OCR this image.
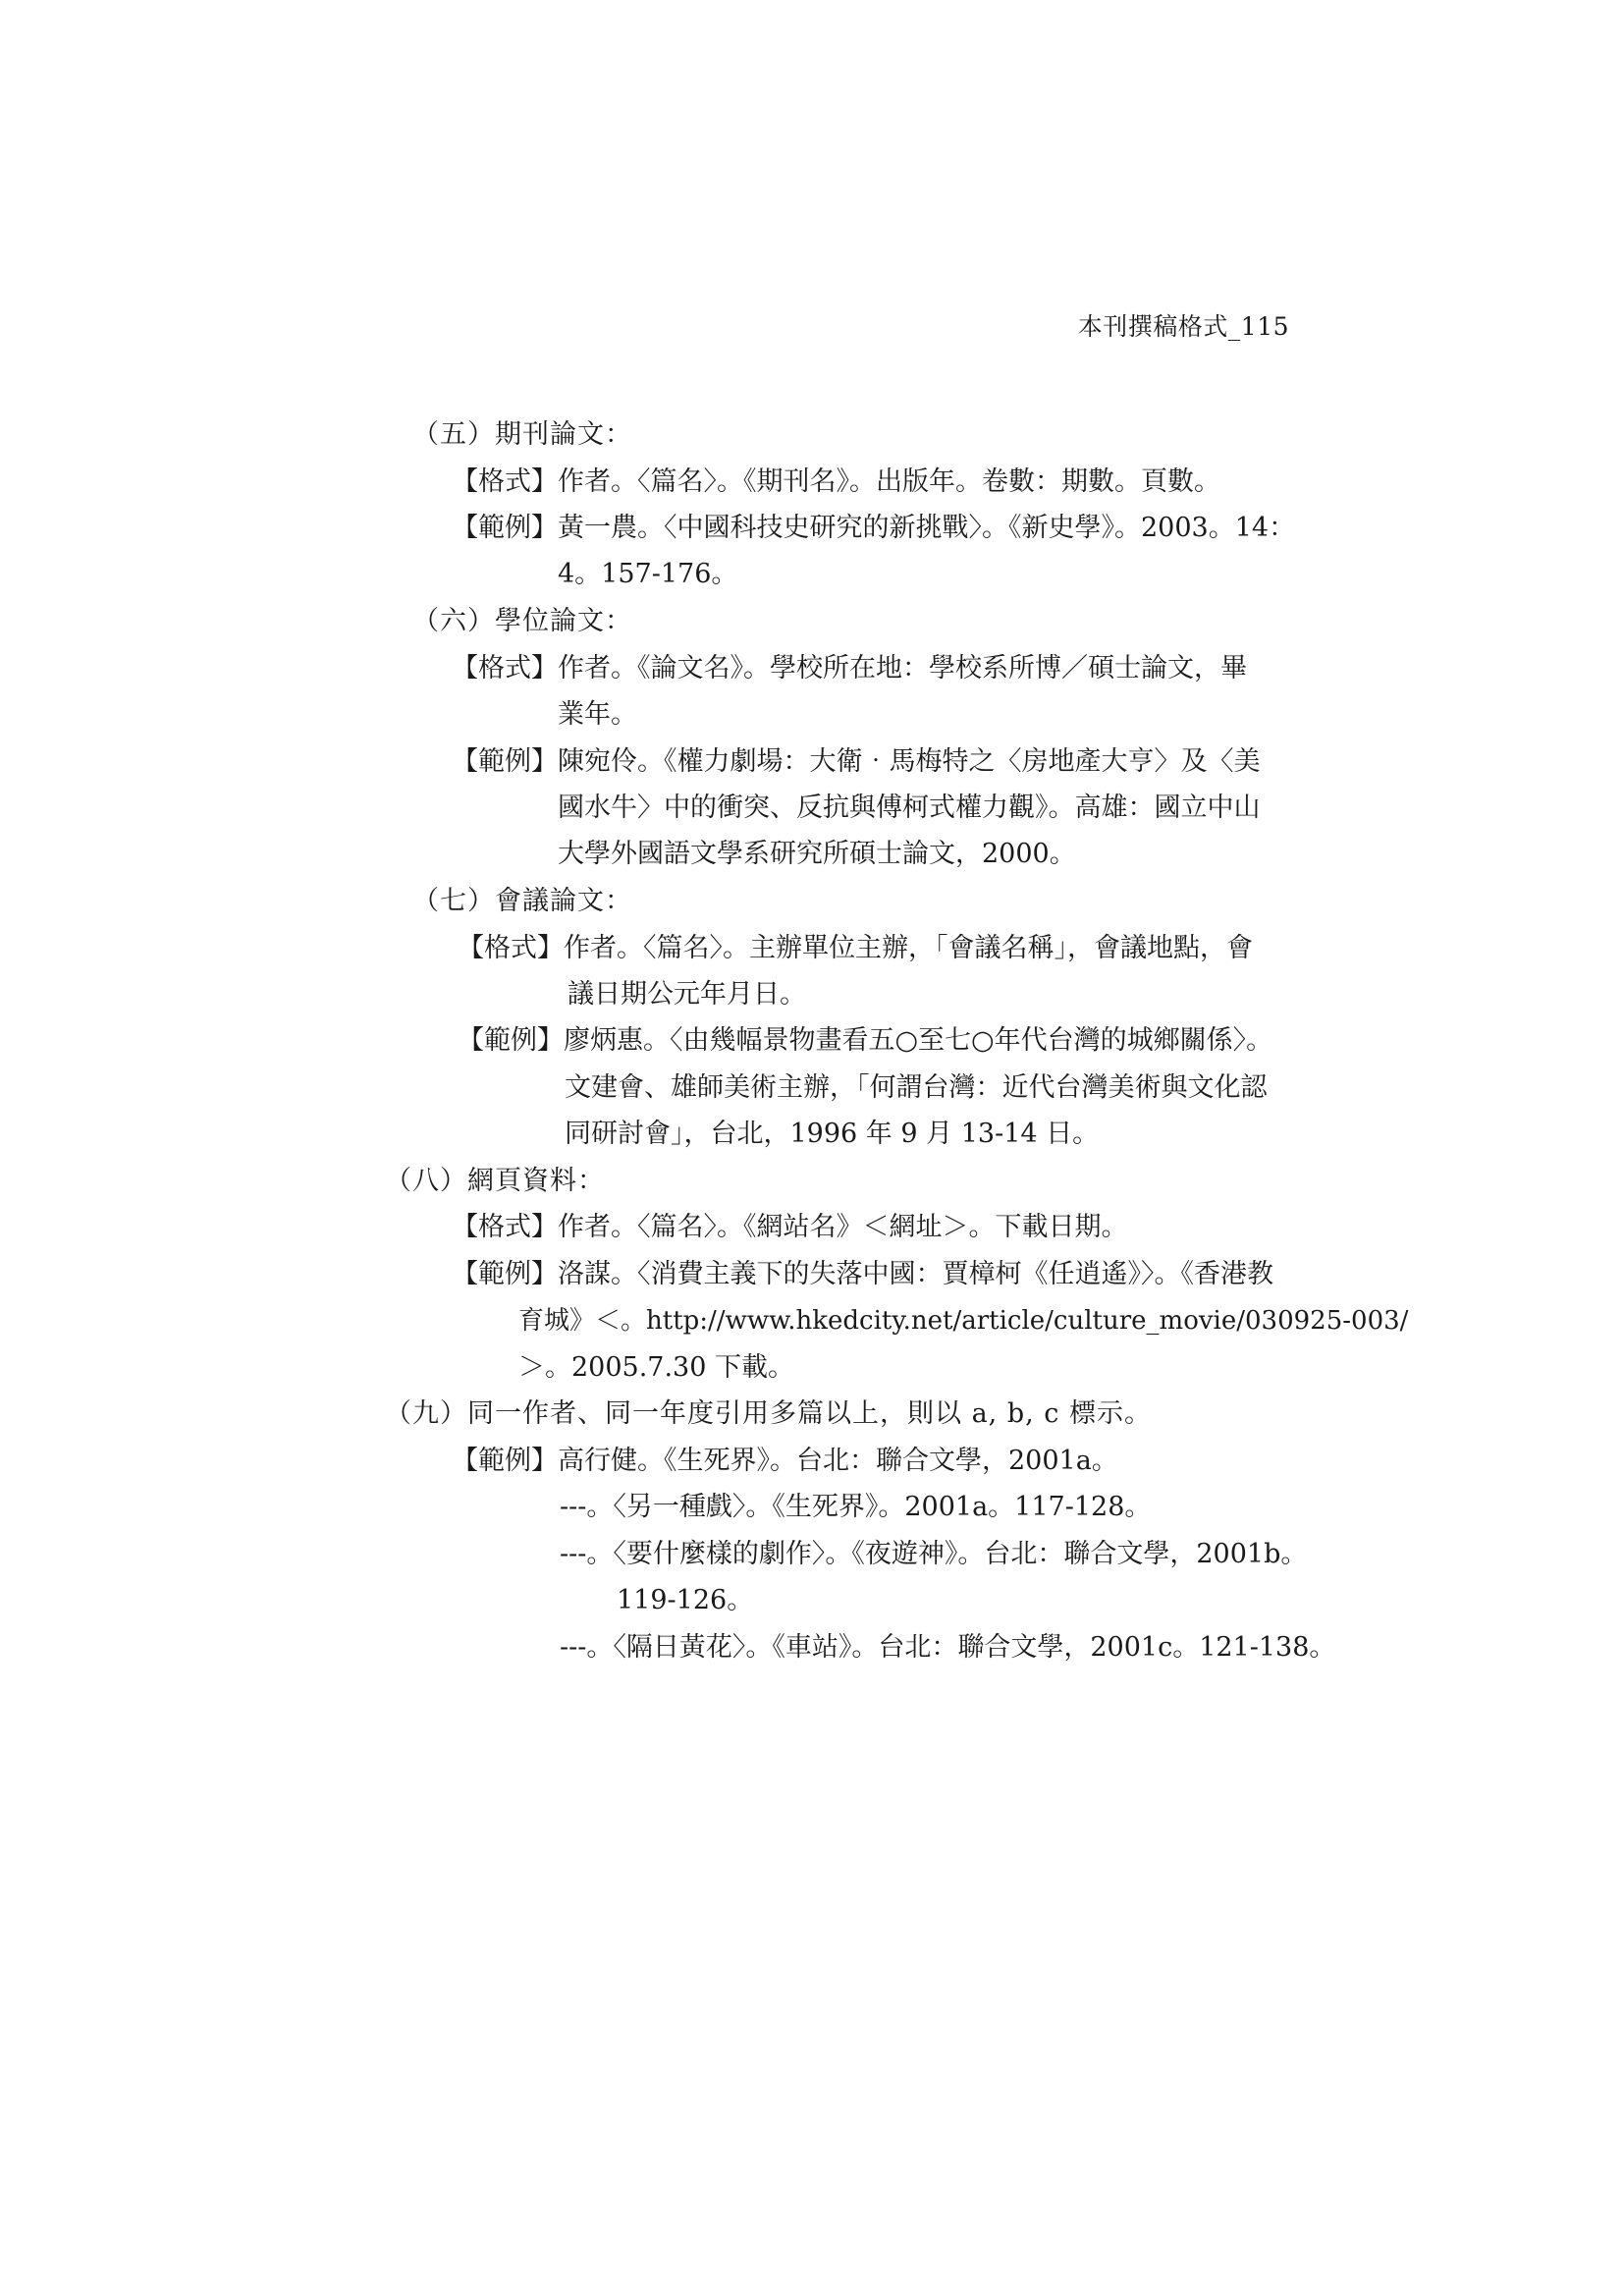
本刊撰稿格式_115
（五）期刊論文：
【格式】作者。〈篇名〉。《期刊名》。出版年。卷數：期數。頁數。
【範例】黃一農。〈中國科技史研究的新挑戰〉。《新史學》。2003。14：
4。157-176。
（六）學位論文：
【格式】作者。《論文名》。學校所在地：學校系所博／碩士論文，畢
業年。
【範例】陳宛伶。《權力劇場：大衛‧馬梅特之〈房地產大亨〉及〈美
國水牛〉中的衝突、反抗與傅柯式權力觀》。高雄：國立中山
大學外國語文學系研究所碩士論文，2000。
（七）會議論文：
【格式】作者。〈篇名〉。主辦單位主辦，「會議名稱」，會議地點，會
議日期公元年月日。
【範例】廖炳惠。〈由幾幅景物畫看五○至七○年代台灣的城鄉關係〉。
文建會、雄師美術主辦，「何謂台灣：近代台灣美術與文化認
同研討會」，台北，1996 年 9 月 13-14 日。
（八）網頁資料：
【格式】作者。〈篇名〉。《網站名》＜網址＞。下載日期。
【範例】洛謀。〈消費主義下的失落中國：賈樟柯《任逍遙》〉。《香港教
育城》＜。http://www.hkedcity.net/article/culture_movie/030925-003/
＞。2005.7.30 下載。
（九）同一作者、同一年度引用多篇以上，則以 a, b, c 標示。
【範例】高行健。《生死界》。台北：聯合文學，2001a。
---。〈另一種戲〉。《生死界》。2001a。117-128。
---。〈要什麼樣的劇作〉。《夜遊神》。台北：聯合文學，2001b。
119-126。
---。〈隔日黃花〉。《車站》。台北：聯合文學，2001c。121-138。
